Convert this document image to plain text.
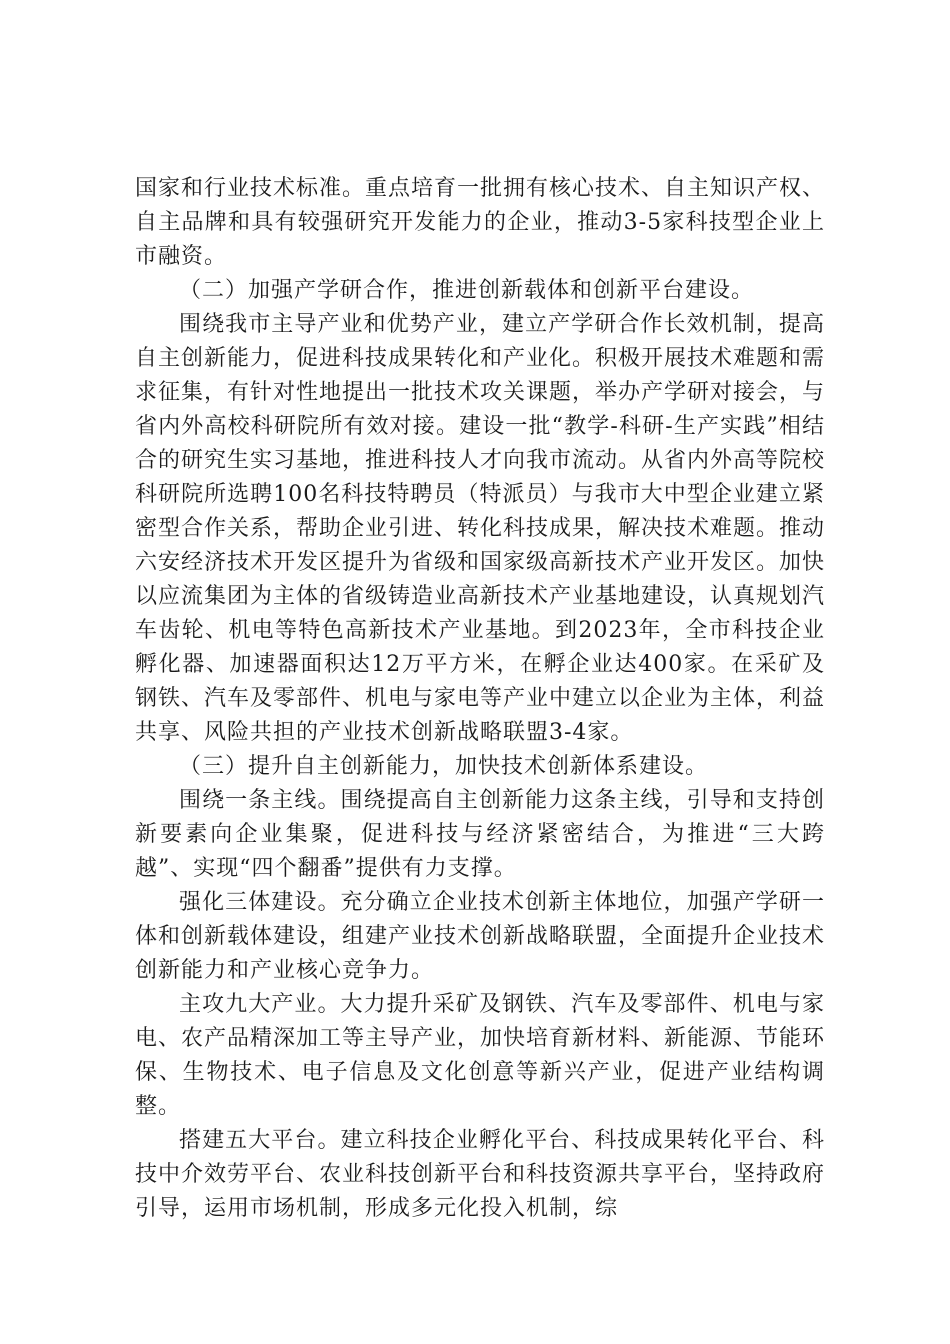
国家和行业技术标准。重点培育一批拥有核心技术、自主知识产权、自主品牌和具有较强研究开发能力的企业，推动3-5家科技型企业上市融资。

（二）加强产学研合作，推进创新载体和创新平台建设。

围绕我市主导产业和优势产业，建立产学研合作长效机制，提高自主创新能力，促进科技成果转化和产业化。积极开展技术难题和需求征集，有针对性地提出一批技术攻关课题，举办产学研对接会，与省内外高校科研院所有效对接。建设一批“教学-科研-生产实践”相结合的研究生实习基地，推进科技人才向我市流动。从省内外高等院校科研院所选聘100名科技特聘员（特派员）与我市大中型企业建立紧密型合作关系，帮助企业引进、转化科技成果，解决技术难题。推动六安经济技术开发区提升为省级和国家级高新技术产业开发区。加快以应流集团为主体的省级铸造业高新技术产业基地建设，认真规划汽车齿轮、机电等特色高新技术产业基地。到2023年，全市科技企业孵化器、加速器面积达12万平方米，在孵企业达400家。在采矿及钢铁、汽车及零部件、机电与家电等产业中建立以企业为主体，利益共享、风险共担的产业技术创新战略联盟3-4家。

（三）提升自主创新能力，加快技术创新体系建设。

围绕一条主线。围绕提高自主创新能力这条主线，引导和支持创新要素向企业集聚，促进科技与经济紧密结合，为推进“三大跨越”、实现“四个翻番”提供有力支撑。

强化三体建设。充分确立企业技术创新主体地位，加强产学研一体和创新载体建设，组建产业技术创新战略联盟，全面提升企业技术创新能力和产业核心竞争力。

主攻九大产业。大力提升采矿及钢铁、汽车及零部件、机电与家电、农产品精深加工等主导产业，加快培育新材料、新能源、节能环保、生物技术、电子信息及文化创意等新兴产业，促进产业结构调整。

搭建五大平台。建立科技企业孵化平台、科技成果转化平台、科技中介效劳平台、农业科技创新平台和科技资源共享平台，坚持政府引导，运用市场机制，形成多元化投入机制，综
